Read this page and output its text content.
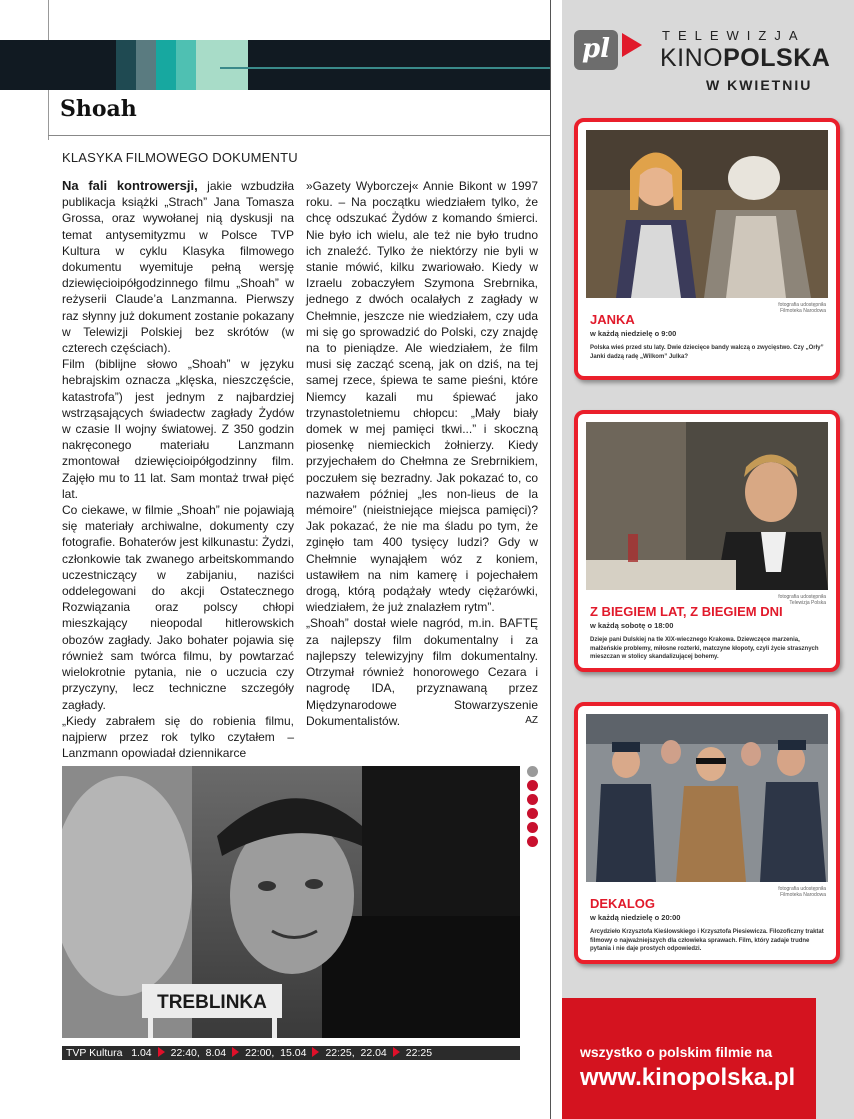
Shoah
KLASYKA FILMOWEGO DOKUMENTU

Na fali kontrowersji, jakie wzbudziła publikacja książki „Strach” Jana Tomasza Grossa, oraz wywołanej nią dyskusji na temat antysemityzmu w Polsce TVP Kultura w cyklu Klasyka filmowego dokumentu wyemituje pełną wersję dziewięcioipółgodzinnego filmu „Shoah” w reżyserii Claude’a Lanzmanna. Pierwszy raz słynny już dokument zostanie pokazany w Telewizji Polskiej bez skrótów (w czterech częściach).

Film (biblijne słowo „Shoah” w języku hebrajskim oznacza „klęska, nieszczęście, katastrofa”) jest jednym z najbardziej wstrząsających świadectw zagłady Żydów w czasie II wojny światowej. Z 350 godzin nakręconego materiału Lanzmann zmontował dziewięcioipółgodzinny film. Zajęło mu to 11 lat. Sam montaż trwał pięć lat.

Co ciekawe, w filmie „Shoah” nie pojawiają się materiały archiwalne, dokumenty czy fotografie. Bohaterów jest kilkunastu: Żydzi, członkowie tak zwanego arbeitskommando uczestniczący w zabijaniu, naziści oddelegowani do akcji Ostatecznego Rozwiązania oraz polscy chłopi mieszkający nieopodal hitlerowskich obozów zagłady. Jako bohater pojawia się również sam twórca filmu, by powtarzać wielokrotnie pytania, nie o uczucia czy przyczyny, lecz techniczne szczegóły zagłady.

„Kiedy zabrałem się do robienia filmu, najpierw przez rok tylko czytałem – Lanzmann opowiadał dziennikarce

»Gazety Wyborczej« Annie Bikont w 1997 roku. – Na początku wiedziałem tylko, że chcę odszukać Żydów z komando śmierci. Nie było ich wielu, ale też nie było trudno ich znaleźć. Tylko że niektórzy nie byli w stanie mówić, kilku zwariowało. Kiedy w Izraelu zobaczyłem Szymona Srebrnika, jednego z dwóch ocalałych z zagłady w Chełmnie, jeszcze nie wiedziałem, czy uda mi się go sprowadzić do Polski, czy znajdę na to pieniądze. Ale wiedziałem, że film musi się zacząć sceną, jak on dziś, na tej samej rzece, śpiewa te same pieśni, które Niemcy kazali mu śpiewać jako trzynastoletniemu chłopcu: „Mały biały domek w mej pamięci tkwi...” i skoczną piosenkę niemieckich żołnierzy. Kiedy przyjechałem do Chełmna ze Srebrnikiem, poczułem się bezradny. Jak pokazać to, co nazwałem później „les non-lieus de la mémoire” (nieistniejące miejsca pamięci)? Jak pokazać, że nie ma śladu po tym, że zginęło tam 400 tysięcy ludzi? Gdy w Chełmnie wynająłem wóz z koniem, ustawiłem na nim kamerę i pojechałem drogą, którą podążały wtedy ciężarówki, wiedziałem, że już znalazłem rytm”.

„Shoah” dostał wiele nagród, m.in. BAFTĘ za najlepszy film dokumentalny i za najlepszy telewizyjny film dokumentalny. Otrzymał również honorowego Cezara i nagrodę IDA, przyznawaną przez Międzynarodowe Stowarzyszenie Dokumentalistów.	AZ
TREBLINKA
TVP Kultura 1.04 22:40, 8.04 22:00, 15.04 22:25, 22.04 22:25
pl	TELEWIZJA
KINOPOLSKA
W KWIETNIU
fotografia udostępniła Filmoteka Narodowa
JANKA
w każdą niedzielę o 9:00
Polska wieś przed stu laty. Dwie dziecięce bandy walczą o zwycięstwo. Czy „Orły” Janki dadzą radę „Wilkom” Julka?
fotografia udostępniła Telewizja Polska
Z BIEGIEM LAT, Z BIEGIEM DNI
w każdą sobotę o 18:00
Dzieje pani Dulskiej na tle XIX-wiecznego Krakowa. Dziewczęce marzenia, małżeńskie problemy, miłosne rozterki, matczyne kłopoty, czyli życie strasznych mieszczan w stolicy skandalizującej bohemy.
fotografia udostępniła Filmoteka Narodowa
DEKALOG
w każdą niedzielę o 20:00
Arcydzieło Krzysztofa Kieślowskiego i Krzysztofa Piesiewicza. Filozoficzny traktat filmowy o najważniejszych dla człowieka sprawach. Film, który zadaje trudne pytania i nie daje prostych odpowiedzi.
wszystko o polskim filmie na
www.kinopolska.pl
